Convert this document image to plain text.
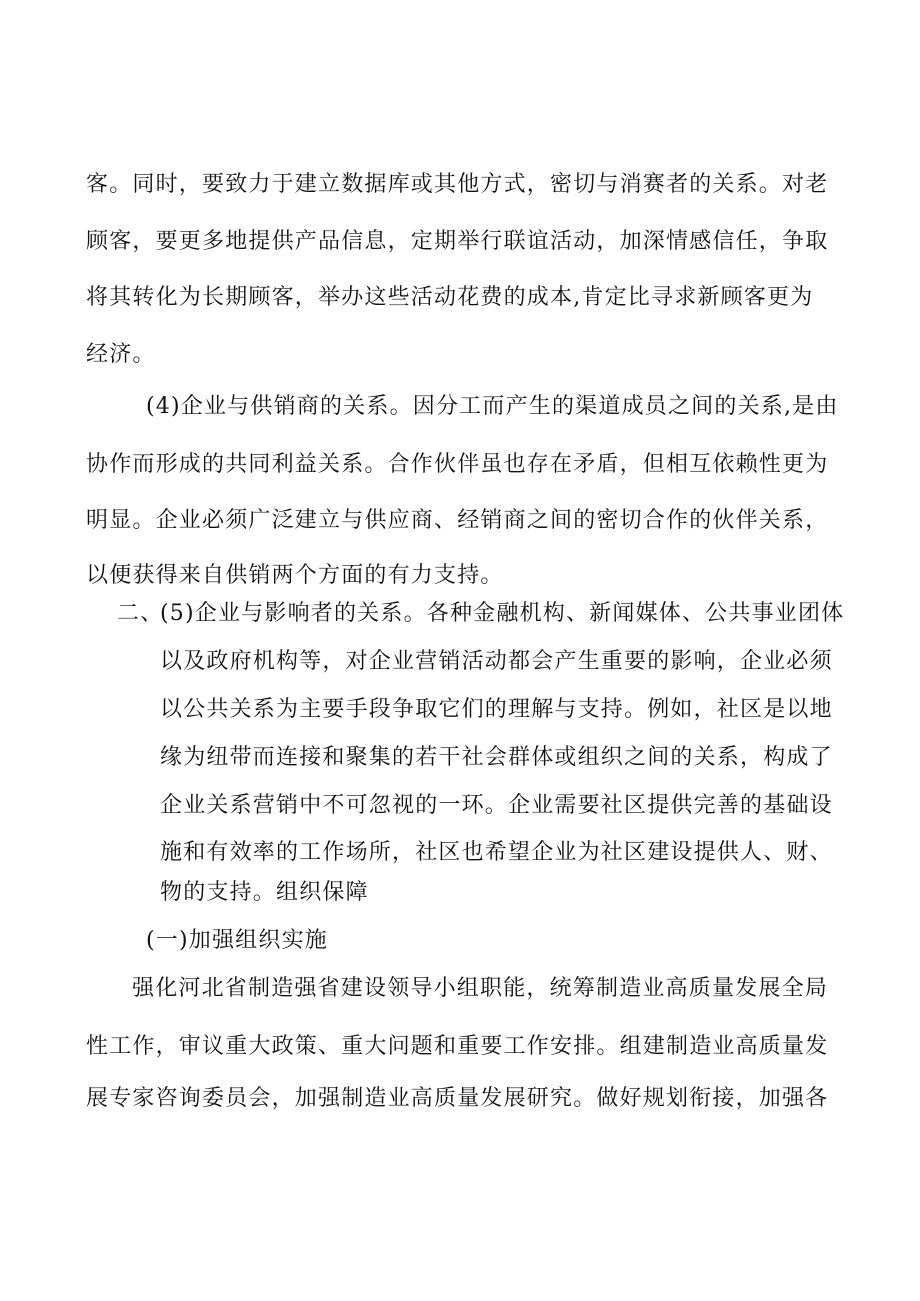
客。同时，要致力于建立数据库或其他方式，密切与消赛者的关系。对老
顾客，要更多地提供产品信息，定期举行联谊活动，加深情感信任，争取
将其转化为长期顾客，举办这些活动花费的成本,肯定比寻求新顾客更为
经济。
(4)企业与供销商的关系。因分工而产生的渠道成员之间的关系,是由
协作而形成的共同利益关系。合作伙伴虽也存在矛盾，但相互依赖性更为
明显。企业必须广泛建立与供应商、经销商之间的密切合作的伙伴关系，
以便获得来自供销两个方面的有力支持。
二、
(5)企业与影响者的关系。各种金融机构、新闻媒体、公共事业团体
以及政府机构等，对企业营销活动都会产生重要的影响，企业必须
以公共关系为主要手段争取它们的理解与支持。例如，社区是以地
缘为纽带而连接和聚集的若干社会群体或组织之间的关系，构成了
企业关系营销中不可忽视的一环。企业需要社区提供完善的基础设
施和有效率的工作场所，社区也希望企业为社区建设提供人、财、
物的支持。组织保障
(一)加强组织实施
强化河北省制造强省建设领导小组职能，统筹制造业高质量发展全局
性工作，审议重大政策、重大问题和重要工作安排。组建制造业高质量发
展专家咨询委员会，加强制造业高质量发展研究。做好规划衔接，加强各
